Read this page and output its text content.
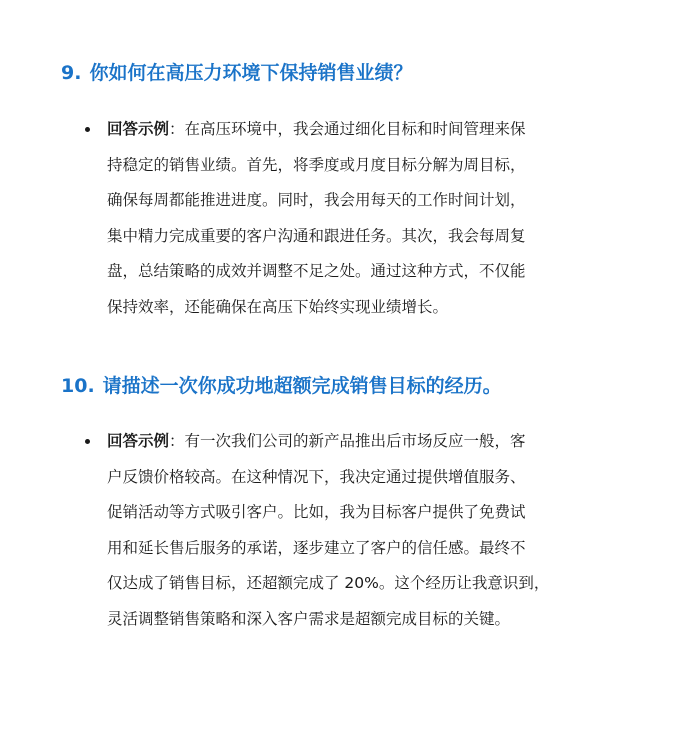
9. 你如何在高压力环境下保持销售业绩？
回答示例：在高压环境中，我会通过细化目标和时间管理来保
持稳定的销售业绩。首先，将季度或月度目标分解为周目标，
确保每周都能推进进度。同时，我会用每天的工作时间计划，
集中精力完成重要的客户沟通和跟进任务。其次，我会每周复
盘，总结策略的成效并调整不足之处。通过这种方式，不仅能
保持效率，还能确保在高压下始终实现业绩增长。
10. 请描述一次你成功地超额完成销售目标的经历。
回答示例：有一次我们公司的新产品推出后市场反应一般，客
户反馈价格较高。在这种情况下，我决定通过提供增值服务、
促销活动等方式吸引客户。比如，我为目标客户提供了免费试
用和延长售后服务的承诺，逐步建立了客户的信任感。最终不
仅达成了销售目标，还超额完成了 20%。这个经历让我意识到，
灵活调整销售策略和深入客户需求是超额完成目标的关键。
